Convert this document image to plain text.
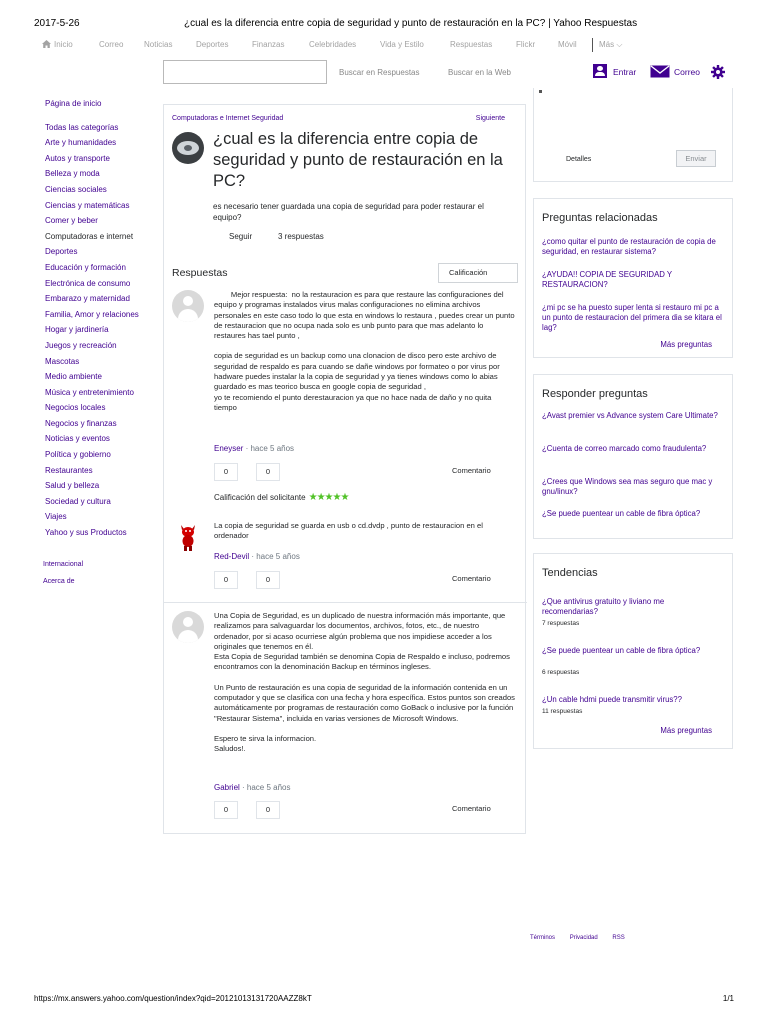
2017-5-26	¿cual es la diferencia entre copia de seguridad y punto de restauración en la PC? | Yahoo Respuestas
Inicio	Correo	Noticias	Deportes	Finanzas	Celebridades	Vida y Estilo	Respuestas	Flickr	Móvil	Más ⌵
Buscar en Respuestas	Buscar en la Web	Entrar	Correo
Página de inicio
Todas las categorías
Arte y humanidades
Autos y transporte
Belleza y moda
Ciencias sociales
Ciencias y matemáticas
Comer y beber
Computadoras e internet
Deportes
Educación y formación
Electrónica de consumo
Embarazo y maternidad
Familia, Amor y relaciones
Hogar y jardinería
Juegos y recreación
Mascotas
Medio ambiente
Música y entretenimiento
Negocios locales
Negocios y finanzas
Noticias y eventos
Política y gobierno
Restaurantes
Salud y belleza
Sociedad y cultura
Viajes
Yahoo y sus Productos
Internacional
Acerca de
Computadoras e Internet Seguridad	Siguiente
¿cual es la diferencia entre copia de seguridad y punto de restauración en la PC?
es necesario tener guardada una copia de seguridad para poder restaurar el equipo?
Seguir	3 respuestas
Respuestas	Calificación

Mejor respuesta:  no la restauracion es para que restaure las configuraciones del equipo y programas instalados virus malas configuraciones no elimina archivos personales en este caso todo lo que esta en windows lo restaura , puedes crear un punto de restauracion que no ocupa nada solo es unb punto para que mas adelanto lo restaures has tael punto ,

copia de seguridad es un backup como una clonacion de disco pero este archivo de seguridad de respaldo es para cuando se dañe windows por formateo o por virus por hadware puedes instalar la la copia de seguridad y ya tienes windows como lo abias guardado es mas teorico busca en google copia de seguridad ,
yo te recomiendo el punto derestauracion ya que no hace nada de daño y no quita tiempo

Eneyser · hace 5 años
0	0	Comentario
Calificación del solicitante ★★★★★

La copia de seguridad se guarda en usb o cd.dvdp , punto de restauracion en el ordenador

Red-Devil · hace 5 años
0	0	Comentario

Una Copia de Seguridad, es un duplicado de nuestra información más importante, que realizamos para salvaguardar los documentos, archivos, fotos, etc., de nuestro ordenador, por si acaso ocurriese algún problema que nos impidiese acceder a los originales que tenemos en él.
Esta Copia de Seguridad también se denomina Copia de Respaldo e incluso, podremos encontramos con la denominación Backup en términos ingleses.

Un Punto de restauración es una copia de seguridad de la información contenida en un computador y que se clasifica con una fecha y hora específica. Estos puntos son creados automáticamente por programas de restauración como GoBack o inclusive por la función "Restaurar Sistema", incluida en varias versiones de Microsoft Windows.

Espero te sirva la informacion.
Saludos!.

Gabriel · hace 5 años
0	0	Comentario
Detalles	Enviar
Preguntas relacionadas
¿como quitar el punto de restauración de copia de seguridad, en restaurar sistema?
¿AYUDA!! COPIA DE SEGURIDAD Y RESTAURACION?
¿mi pc se ha puesto super lenta si restauro mi pc a un punto de restauracion del primera dia se kitara el lag?
Más preguntas
Responder preguntas
¿Avast premier vs Advance system Care Ultimate?
¿Cuenta de correo marcado como fraudulenta?
¿Crees que Windows sea mas seguro que mac y gnu/linux?
¿Se puede puentear un cable de fibra óptica?
Tendencias
¿Que antivirus gratuito y liviano me recomendarias?
7 respuestas
¿Se puede puentear un cable de fibra óptica?
6 respuestas
¿Un cable hdmi puede transmitir virus??
11 respuestas
Más preguntas
Términos Privacidad RSS
https://mx.answers.yahoo.com/question/index?qid=20121013131720AAZZ8kT	1/1
